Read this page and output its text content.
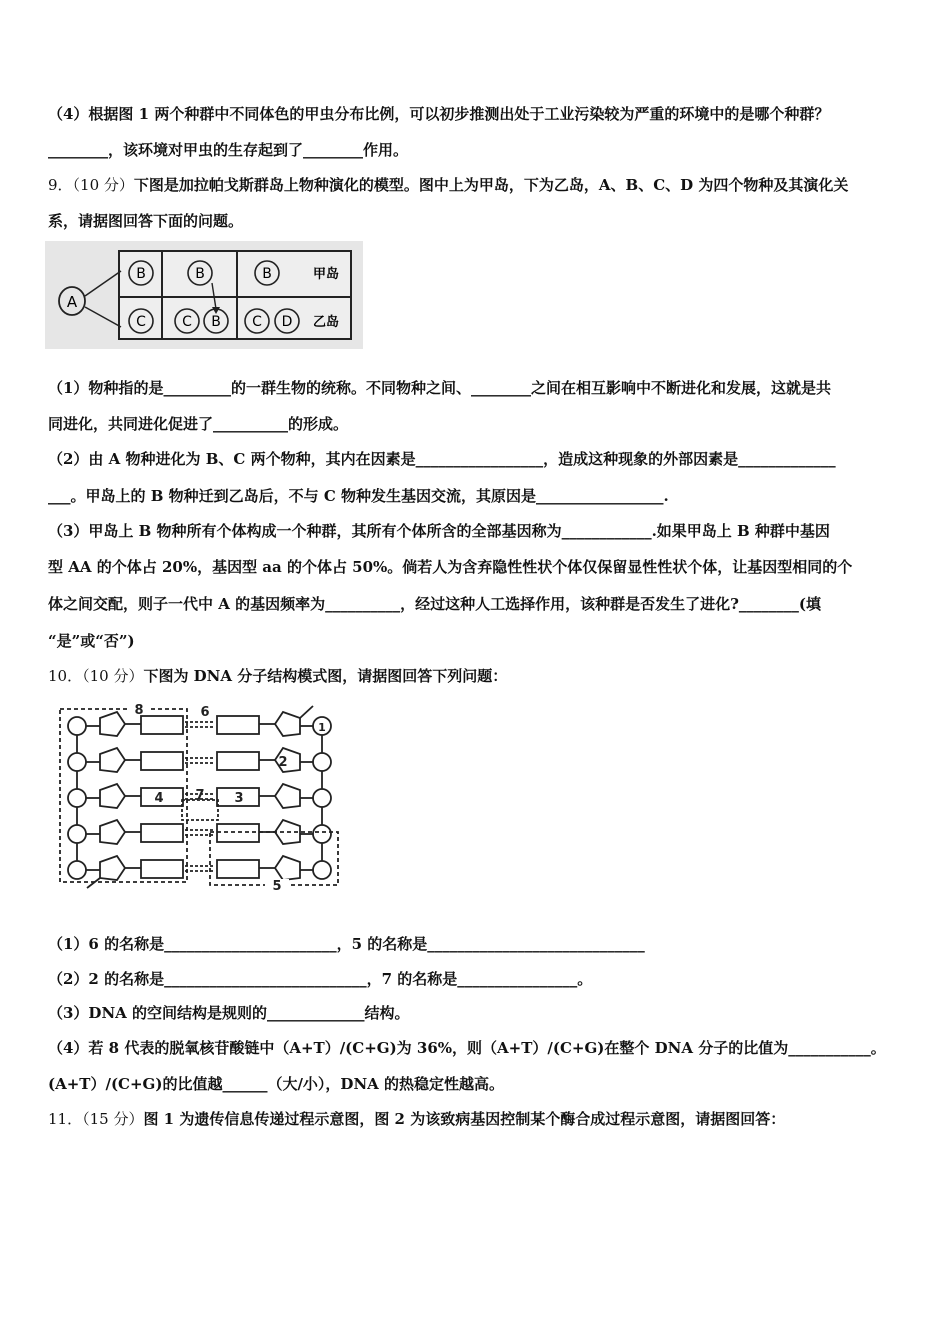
（4）根据图 1 两个种群中不同体色的甲虫分布比例，可以初步推测出处于工业污染较为严重的环境中的是哪个种群？
________，该环境对甲虫的生存起到了________作用。
9．（10 分）下图是加拉帕戈斯群岛上物种演化的模型。图中上为甲岛，下为乙岛，A、B、C、D 为四个物种及其演化关
系，请据图回答下面的问题。
A
B	B	B
C	C B C D
甲岛
乙岛
（1）物种指的是_________的一群生物的统称。不同物种之间、________之间在相互影响中不断进化和发展，这就是共
同进化，共同进化促进了__________的形成。
（2）由 A 物种进化为 B、C 两个物种，其内在因素是_________________，造成这种现象的外部因素是_____________
___。甲岛上的 B 物种迁到乙岛后，不与 C 物种发生基因交流，其原因是_________________.
（3）甲岛上 B 物种所有个体构成一个种群，其所有个体所含的全部基因称为____________.如果甲岛上 B 种群中基因
型 AA 的个体占 20%，基因型 aa 的个体占 50%。倘若人为含弃隐性性状个体仅保留显性性状个体，让基因型相同的个
体之间交配，则子一代中 A 的基因频率为__________，经过这种人工选择作用，该种群是否发生了进化?________(填
“是”或“否”)
10．（10 分）下图为 DNA 分子结构模式图，请据图回答下列问题：
8	6
1
2
7
4	3
5
（1）6 的名称是_______________________，5 的名称是_____________________________
（2）2 的名称是___________________________，7 的名称是________________。
（3）DNA 的空间结构是规则的_____________结构。
（4）若 8 代表的脱氧核苷酸链中（A+T）/(C+G)为 36%，则（A+T）/(C+G)在整个 DNA 分子的比值为___________。
(A+T）/(C+G)的比值越______（大/小），DNA 的热稳定性越高。
11．（15 分）图 1 为遗传信息传递过程示意图，图 2 为该致病基因控制某个酶合成过程示意图，请据图回答：
